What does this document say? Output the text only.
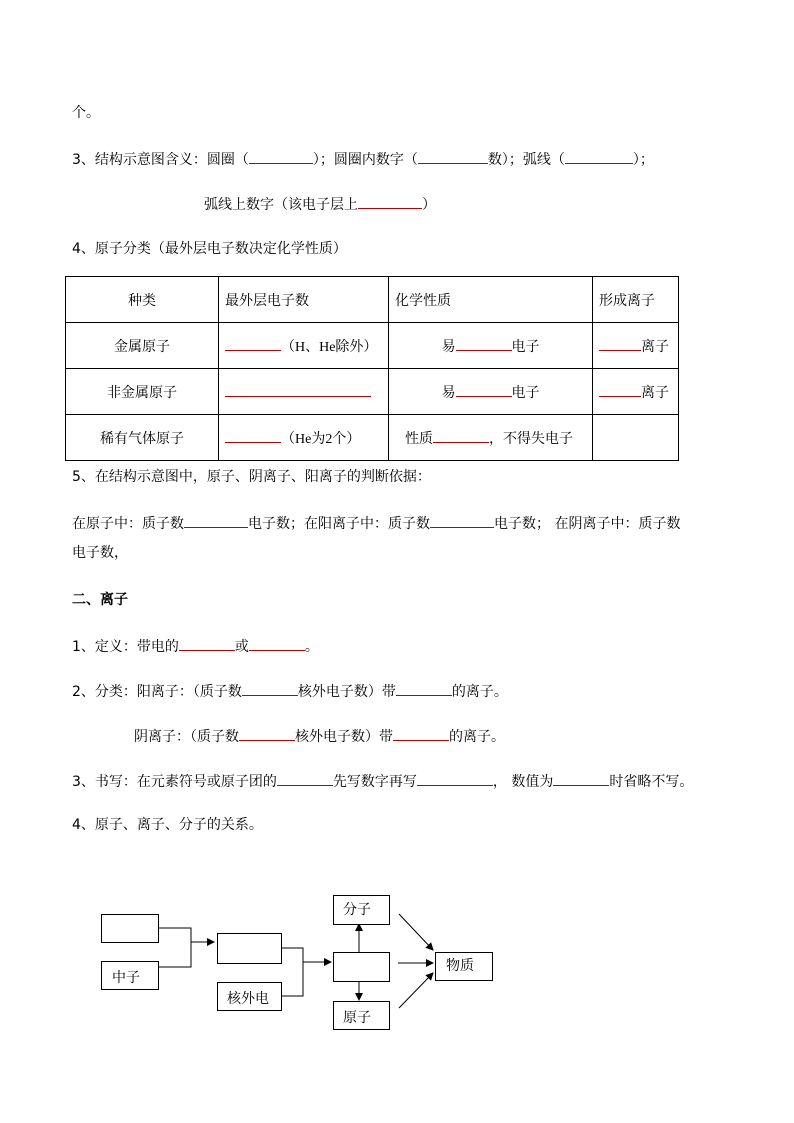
个。
3、结构示意图含义：圆圈（	）；圆圈内数字（	数）；弧线（	）；
弧线上数字（该电子层上	）
4、原子分类（最外层电子数决定化学性质）
种类	最外层电子数	化学性质	形成离子
金属原子	（H、He除外）	易 电子	离子
非金属原子		易 电子	离子
稀有气体原子	（He为2个）	性质 ，不得失电子	
5、在结构示意图中，原子、阴离子、阳离子的判断依据：
在原子中：质子数	电子数；在阳离子中：质子数	电子数； 在阴离子中：质子数
电子数，
二、离子
1、定义：带电的	或	。
2、分类：阳离子：（质子数	核外电子数）带	的离子。
阴离子：（质子数	核外电子数）带	的离子。
3、书写：在元素符号或原子团的	先写数字再写	， 数值为	时省略不写。
4、原子、离子、分子的关系。
中子
核外电
分子
原子
物质
